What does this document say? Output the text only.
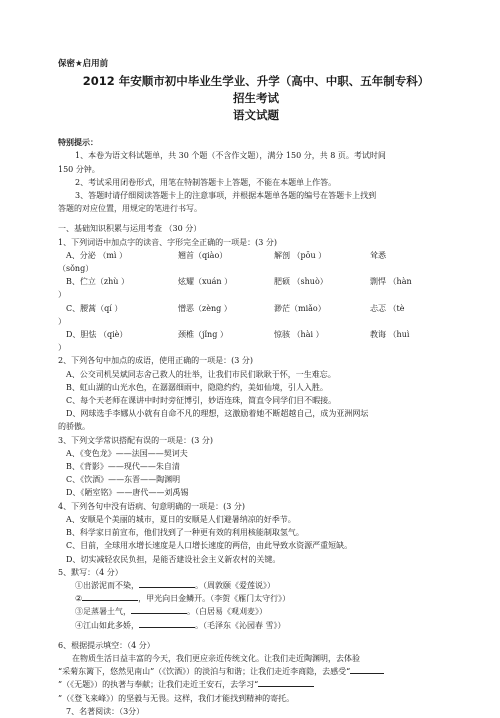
保密★启用前
2012 年安顺市初中毕业生学业、升学（高中、中职、五年制专科）
招生考试
语文试题
特别提示：
1、本卷为语文科试题单，共 30 个题（不含作文题），满分 150 分，共 8 页。考试时间
150 分钟。
2、考试采用闭卷形式，用笔在特制答题卡上答题，不能在本题单上作答。
3、答题时请仔细阅读答题卡上的注意事项，并根据本题单各题的编号在答题卡上找到
答题的对应位置，用规定的笔进行书写。
一、基础知识积累与运用考查 （30 分）
1、下列词语中加点字的读音、字形完全正确的一项是：(3 分)
A、分泌 （mì ）	翘首（qiào）	解剖 （pōu ）	耸悉
（sǒng）
B、伫立（zhù ）	炫耀（xuán ）	肥硕 （shuò）	剽悍 （hàn
）
C、腰蒿（qí ）	憎恶（zèng ）	渺茫（miǎo）	忐忑 （tè
）
D、胆怯 （qiè）	颈椎（jǐng ）	惊骇 （hài ）	教诲 （huì
）
2、下列各句中加点的成语，使用正确的一项是：(3 分)
A、公交司机吴斌同志舍己救人的壮举，让我们市民们耿耿于怀，一生难忘。
B、虹山湖的山光水色，在潺潺细雨中，隐隐约约，美如仙境，引人入胜。
C、每个天老师在课讲中时时旁征博引，妙语连珠，简直令同学们目不暇接。
D、网球选手李娜从小就有自命不凡的理想，这激励着她不断超越自己，成为亚洲网坛
的骄傲。
3、下列文学常识搭配有误的一项是：(3 分)
A、《变色龙》——法国——契诃夫
B、《背影》——现代——朱自清
C、《饮酒》——东晋——陶渊明
D、《陋室铭》——唐代——刘禹锡
4、下列各句中没有语病、句意明确的一项是：(3 分)
A、安顺是个美丽的城市，夏日的安顺是人们避暑纳凉的好季节。
B、科学家日前宣布，他们找到了一种更有效的利用核能制取氢气。
C、目前，全球用水增长速度是人口增长速度的两倍，由此导致水资源严重短缺。
D、切实减轻农民负担，是能否建设社会主义新农村的关键。
5、默写：（4 分）
①出淤泥而不染，	。（周敦颐《爱莲说》）
②	，甲光向日金鳞开。（李贺《雁门太守行》）
③足蒸暑土气，	。（白居易《观刈麦》）
④江山如此多娇，	。（毛泽东《沁园春 雪》）
6、根据提示填空：（4 分）
在物质生活日益丰富的今天，我们更应亲近传统文化。让我们走近陶渊明，去体验
“采菊东篱下，悠然见南山”（《饮酒》）的淡泊与和谐；让我们走近李商隐，去感受“
”（《无题》）的执著与奉献；让我们走近王安石，去学习“
”（《登飞来峰》）的坚毅与无畏。这样，我们才能找到精神的寄托。
7、名著阅读：（3分）
